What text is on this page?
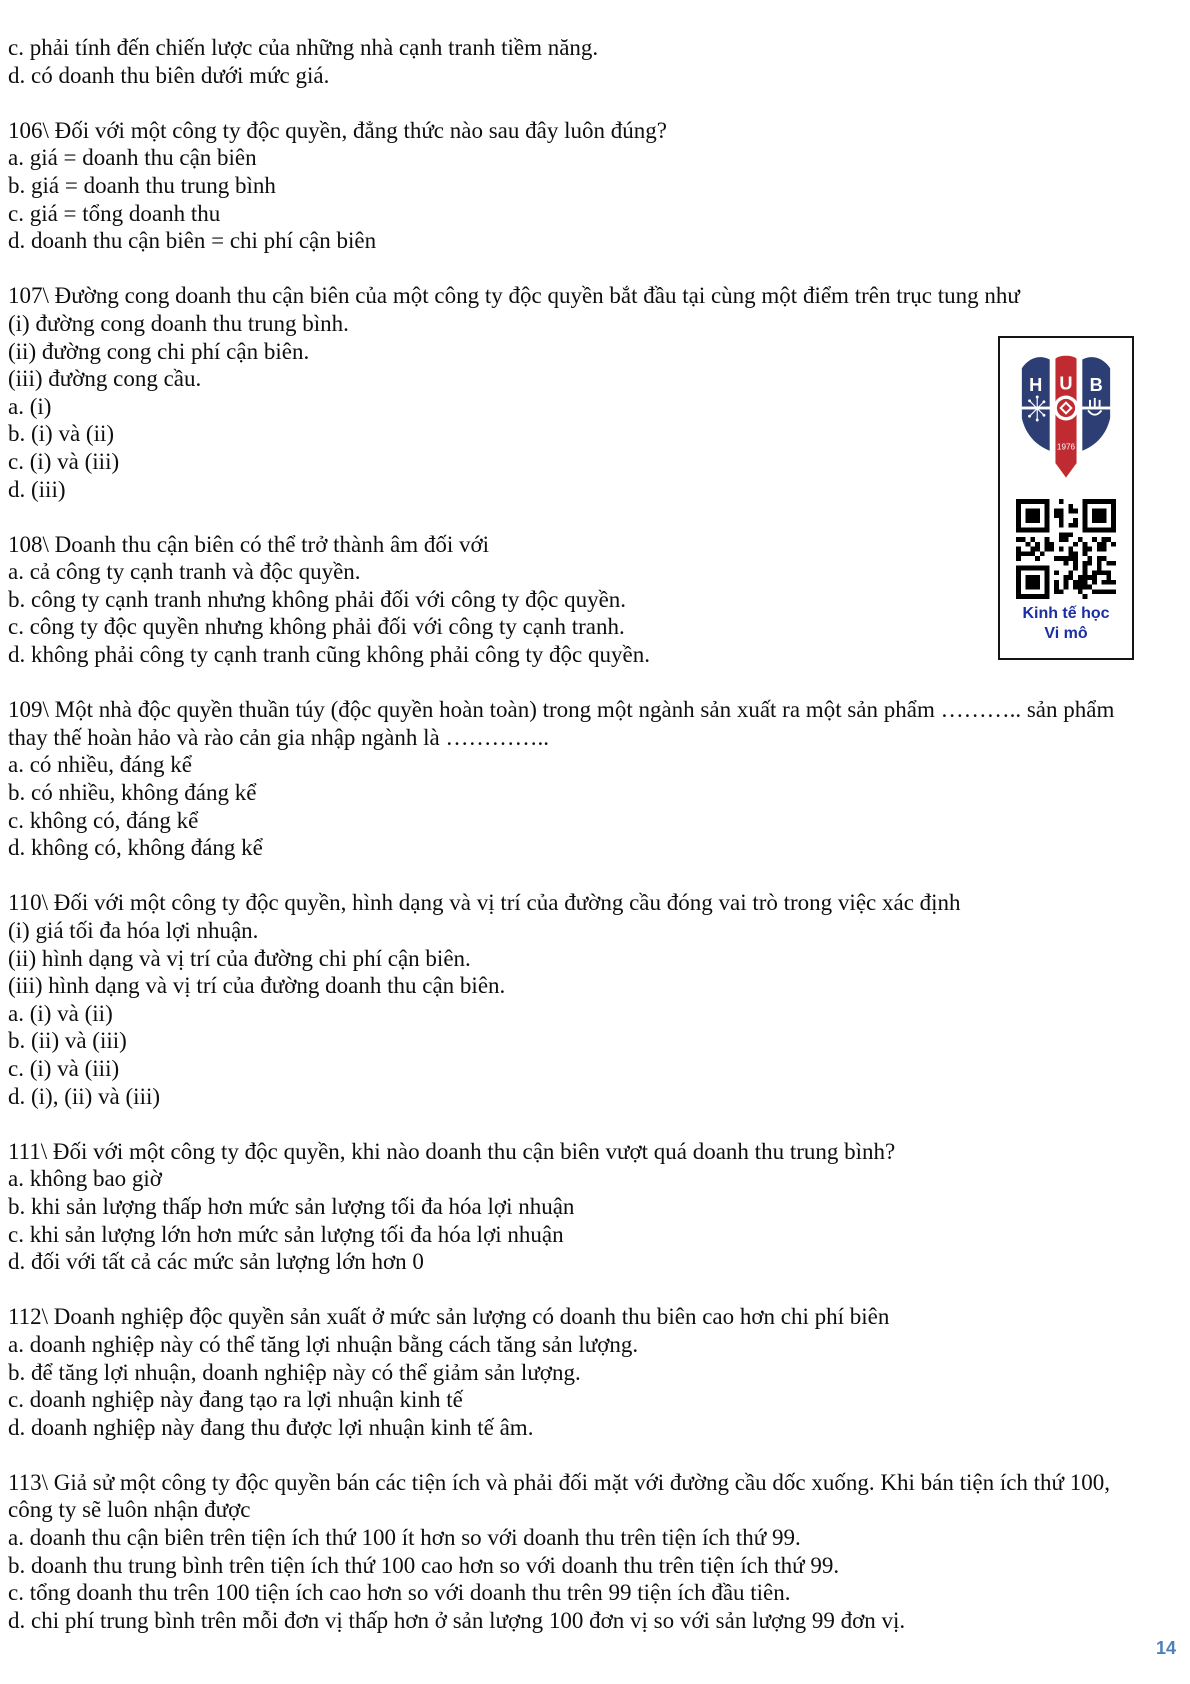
c. phải tính đến chiến lược của những nhà cạnh tranh tiềm năng.
d. có doanh thu biên dưới mức giá.
106\ Đối với một công ty độc quyền, đẳng thức nào sau đây luôn đúng?
a. giá = doanh thu cận biên
b. giá = doanh thu trung bình
c. giá = tổng doanh thu
d. doanh thu cận biên = chi phí cận biên
107\ Đường cong doanh thu cận biên của một công ty độc quyền bắt đầu tại cùng một điểm trên trục tung như
(i) đường cong doanh thu trung bình.
(ii) đường cong chi phí cận biên.
(iii) đường cong cầu.
a. (i)
b. (i) và (ii)
c. (i) và (iii)
d. (iii)
108\ Doanh thu cận biên có thể trở thành âm đối với
a. cả công ty cạnh tranh và độc quyền.
b. công ty cạnh tranh nhưng không phải đối với công ty độc quyền.
c. công ty độc quyền nhưng không phải đối với công ty cạnh tranh.
d. không phải công ty cạnh tranh cũng không phải công ty độc quyền.
109\ Một nhà độc quyền thuần túy (độc quyền hoàn toàn) trong một ngành sản xuất ra một sản phẩm ……….. sản phẩm
thay thế hoàn hảo và rào cản gia nhập ngành là …………..
a. có nhiều, đáng kể
b. có nhiều, không đáng kể
c. không có, đáng kể
d. không có, không đáng kể
110\ Đối với một công ty độc quyền, hình dạng và vị trí của đường cầu đóng vai trò trong việc xác định
(i) giá tối đa hóa lợi nhuận.
(ii) hình dạng và vị trí của đường chi phí cận biên.
(iii) hình dạng và vị trí của đường doanh thu cận biên.
a. (i) và (ii)
b. (ii) và (iii)
c. (i) và (iii)
d. (i), (ii) và (iii)
111\ Đối với một công ty độc quyền, khi nào doanh thu cận biên vượt quá doanh thu trung bình?
a. không bao giờ
b. khi sản lượng thấp hơn mức sản lượng tối đa hóa lợi nhuận
c. khi sản lượng lớn hơn mức sản lượng tối đa hóa lợi nhuận
d. đối với tất cả các mức sản lượng lớn hơn 0
112\ Doanh nghiệp độc quyền sản xuất ở mức sản lượng có doanh thu biên cao hơn chi phí biên
a. doanh nghiệp này có thể tăng lợi nhuận bằng cách tăng sản lượng.
b. để tăng lợi nhuận, doanh nghiệp này có thể giảm sản lượng.
c. doanh nghiệp này đang tạo ra lợi nhuận kinh tế
d. doanh nghiệp này đang thu được lợi nhuận kinh tế âm.
113\ Giả sử một công ty độc quyền bán các tiện ích và phải đối mặt với đường cầu dốc xuống. Khi bán tiện ích thứ 100,
công ty sẽ luôn nhận được
a. doanh thu cận biên trên tiện ích thứ 100 ít hơn so với doanh thu trên tiện ích thứ 99.
b. doanh thu trung bình trên tiện ích thứ 100 cao hơn so với doanh thu trên tiện ích thứ 99.
c. tổng doanh thu trên 100 tiện ích cao hơn so với doanh thu trên 99 tiện ích đầu tiên.
d. chi phí trung bình trên mỗi đơn vị thấp hơn ở sản lượng 100 đơn vị so với sản lượng 99 đơn vị.
H U B
1976
Kinh tế học
Vi mô
14
